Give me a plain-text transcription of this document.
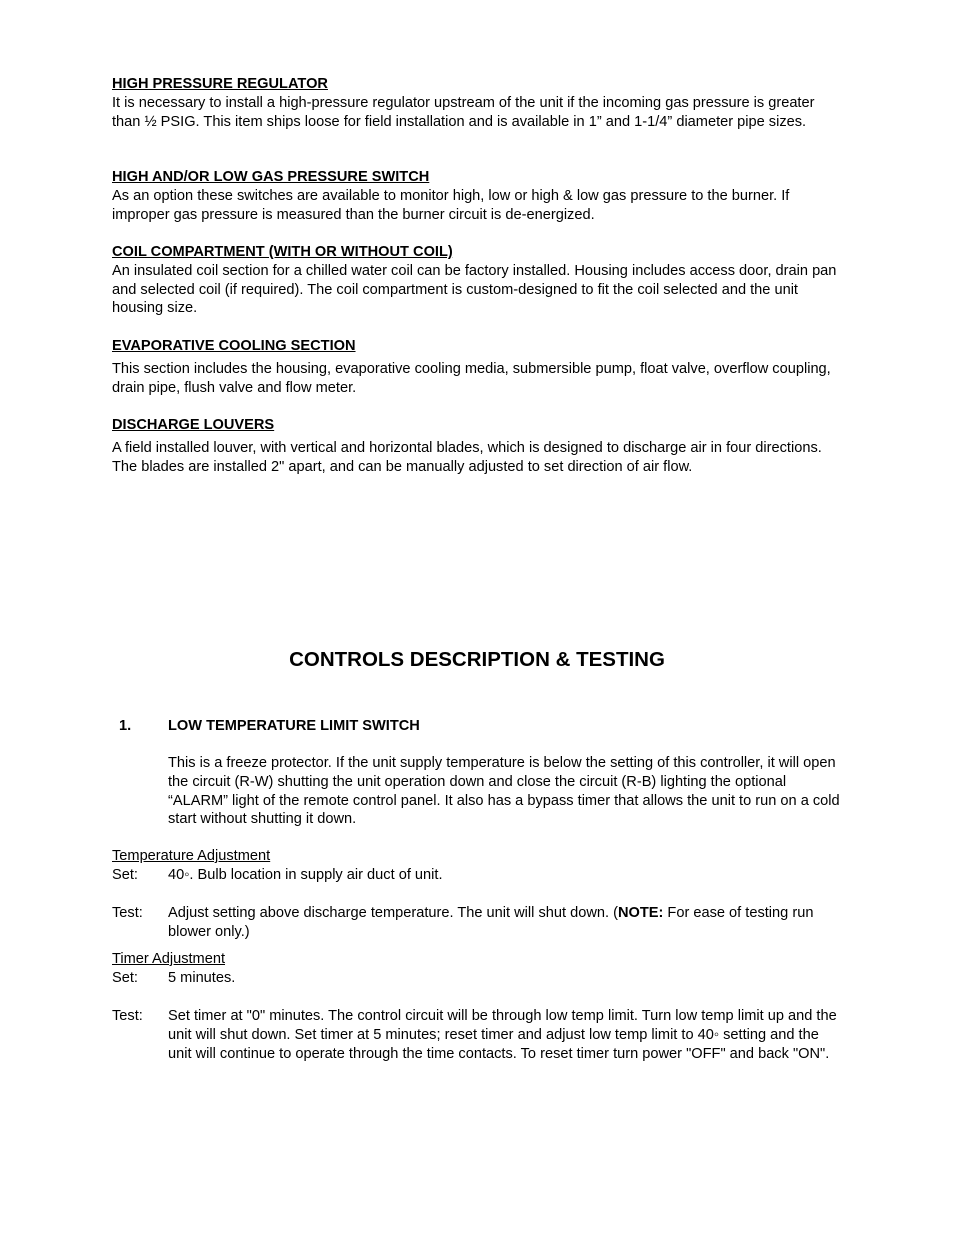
HIGH PRESSURE REGULATOR

It is necessary to install a high-pressure regulator upstream of the unit if the incoming gas pressure is greater than ½ PSIG. This item ships loose for field installation and is available in 1” and 1-1/4” diameter pipe sizes.

HIGH AND/OR LOW GAS PRESSURE SWITCH

As an option these switches are available to monitor high, low or high & low gas pressure to the burner. If improper gas pressure is measured than the burner circuit is de-energized.

COIL COMPARTMENT (WITH OR WITHOUT COIL)

An insulated coil section for a chilled water coil can be factory installed. Housing includes access door, drain pan and selected coil (if required). The coil compartment is custom-designed to fit the coil selected and the unit housing size.

EVAPORATIVE COOLING SECTION

This section includes the housing, evaporative cooling media, submersible pump, float valve, overflow coupling, drain pipe, flush valve and flow meter.

DISCHARGE LOUVERS

A field installed louver, with vertical and horizontal blades, which is designed to discharge air in four directions. The blades are installed 2" apart, and can be manually adjusted to set direction of air flow.

CONTROLS DESCRIPTION & TESTING
1.	LOW TEMPERATURE LIMIT SWITCH

This is a freeze protector. If the unit supply temperature is below the setting of this controller, it will open the circuit (R-W) shutting the unit operation down and close the circuit (R-B) lighting the optional “ALARM” light of the remote control panel. It also has a bypass timer that allows the unit to run on a cold start without shutting it down.

Temperature Adjustment
Set: 40◦. Bulb location in supply air duct of unit.
Test: Adjust setting above discharge temperature. The unit will shut down. (NOTE: For ease of testing run blower only.)
Timer Adjustment
Set: 5 minutes.
Test: Set timer at "0" minutes. The control circuit will be through low temp limit. Turn low temp limit up and the unit will shut down. Set timer at 5 minutes; reset timer and adjust low temp limit to 40◦ setting and the unit will continue to operate through the time contacts. To reset timer turn power "OFF" and back "ON".
